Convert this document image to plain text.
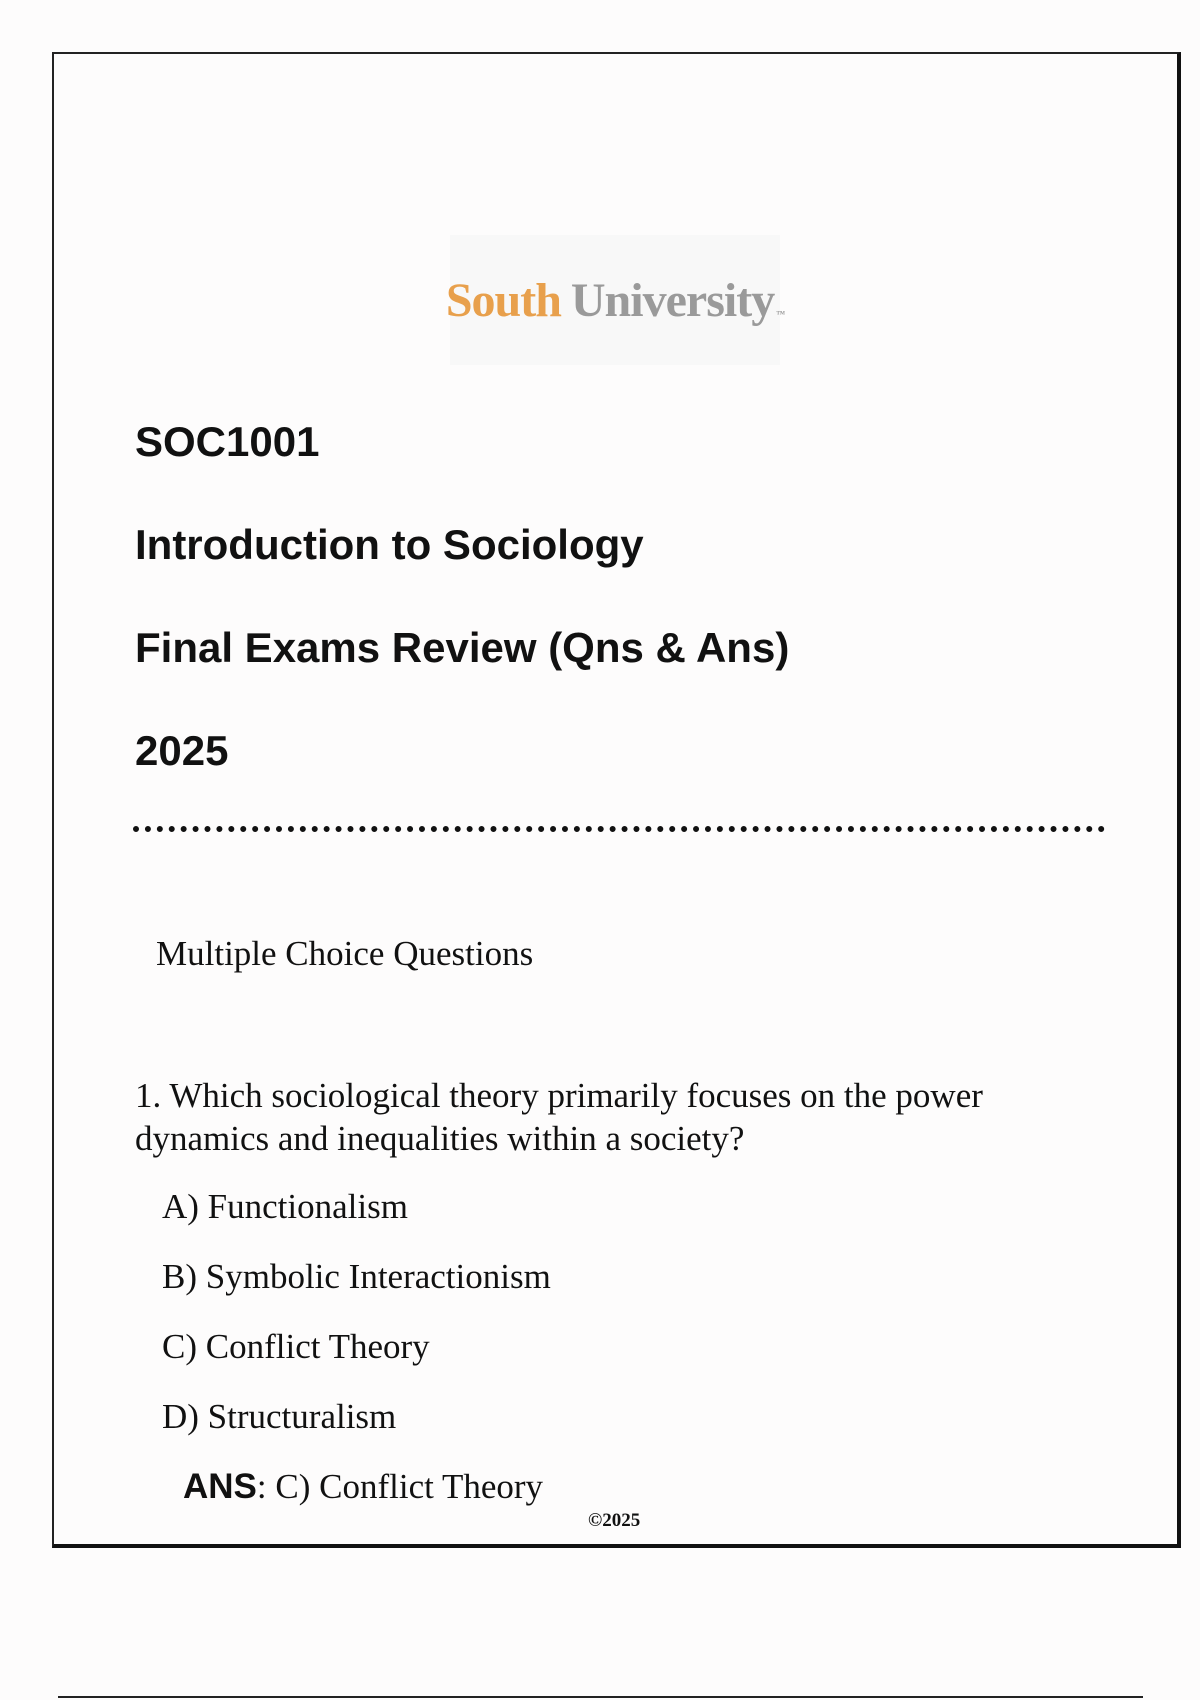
South University ™
SOC1001
Introduction to Sociology
Final Exams Review (Qns & Ans)
2025
Multiple Choice Questions
1. Which sociological theory primarily focuses on the power dynamics and inequalities within a society?
A) Functionalism
B) Symbolic Interactionism
C) Conflict Theory
D) Structuralism
ANS: C) Conflict Theory
©2025
